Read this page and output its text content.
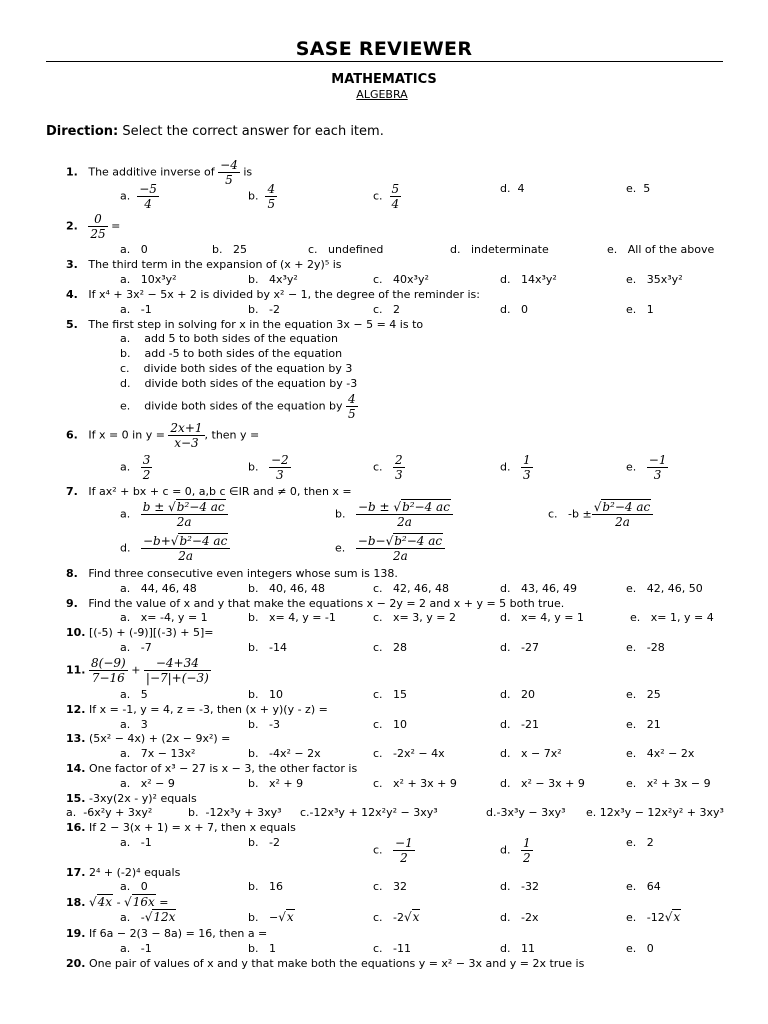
SASE REVIEWER
MATHEMATICS
ALGEBRA
Direction: Select the correct answer for each item.
1. The additive inverse of $\frac{-4}{5}$ is
a. $\frac{-5}{4}$	b. $\frac{4}{5}$	c. $\frac{5}{4}$	d. 4	e. 5
2. $\frac{0}{25}$ =
a. 0	b. 25	c. undefined	d. indeterminate	e. All of the above
3. The third term in the expansion of (x + 2y)⁵ is
a. 10x³y²	b. 4x³y²	c. 40x³y²	d. 14x³y²	e. 35x³y²
4. If x⁴ + 3x² − 5x + 2 is divided by x² − 1, the degree of the reminder is:
a. -1	b. -2	c. 2	d. 0	e. 1
5. The first step in solving for x in the equation 3x − 5 = 4 is to
a. add 5 to both sides of the equation
b. add -5 to both sides of the equation
c. divide both sides of the equation by 3
d. divide both sides of the equation by -3
e. divide both sides of the equation by $\frac{4}{5}$
6. If x = 0 in $y = \frac{2x+1}{x-3}$ , then y =
a. $\frac{3}{2}$	b. $\frac{-2}{3}$	c. $\frac{2}{3}$	d. $\frac{1}{3}$	e. $\frac{-1}{3}$
7. If ax² + bx + c = 0, a,b c ∈IR and ≠ 0, then x =
a. $\frac{\text{b ± √b²−4 ac}}{2a}$	b. $\frac{\text{−b ± √b²−4 ac}}{2a}$	c. $-b \pm \frac{\text{√b²−4 ac}}{2a}$
d. $\frac{\text{−b+√b²−4 ac}}{2a}$	e. $\frac{\text{−b−√b²−4 ac}}{2a}$
8. Find three consecutive even integers whose sum is 138.
a. 44, 46, 48	b. 40, 46, 48	c. 42, 46, 48	d. 43, 46, 49	e. 42, 46, 50
9. Find the value of x and y that make the equations x − 2y = 2 and x + y = 5 both true.
a. x= -4, y = 1	b. x= 4, y = -1	c. x= 3, y = 2	d. x= 4, y = 1	e. x= 1, y = 4
10. [(-5) + (-9)][(-3) + 5]=
a. -7	b. -14	c. 28	d. -27	e. -28
11. $\frac{8(-9)}{7-16} + \frac{-4+34}{|-7|+(-3)}$
a. 5	b. 10	c. 15	d. 20	e. 25
12. If x = -1, y = 4, z = -3, then (x + y)(y - z) =
a. 3	b. -3	c. 10	d. -21	e. 21
13. (5x² − 4x) + (2x − 9x²) =
a. 7x − 13x²	b. -4x² − 2x	c. -2x² − 4x	d. x − 7x²	e. 4x² − 2x
14. One factor of x³ − 27 is x − 3, the other factor is
a. x² − 9	b. x² + 9	c. x² + 3x + 9	d. x² − 3x + 9	e. x² + 3x − 9
15. -3xy(2x - y)² equals
a. -6x²y + 3xy²	b. -12x³y + 3xy³ c.-12x³y + 12x²y² − 3xy³	d.-3x³y − 3xy³ e. 12x³y − 12x²y² + 3xy³
16. If 2 − 3(x + 1) = x + 7, then x equals
a. -1	b. -2
c. $\frac{-1}{2}$	d. $\frac{1}{2}$	e. 2
17. 2⁴ + (-2)⁴ equals
a. 0	b. 16	c. 32	d. -32	e. 64
18. √4x - √16x =
a. -√12x	b. −√x	c. -2√x	d. -2x	e. -12√x
19. If 6a − 2(3 − 8a) = 16, then a =
a. -1	b. 1	c. -11	d. 11	e. 0
20. One pair of values of x and y that make both the equations y = x² − 3x and y = 2x true is
